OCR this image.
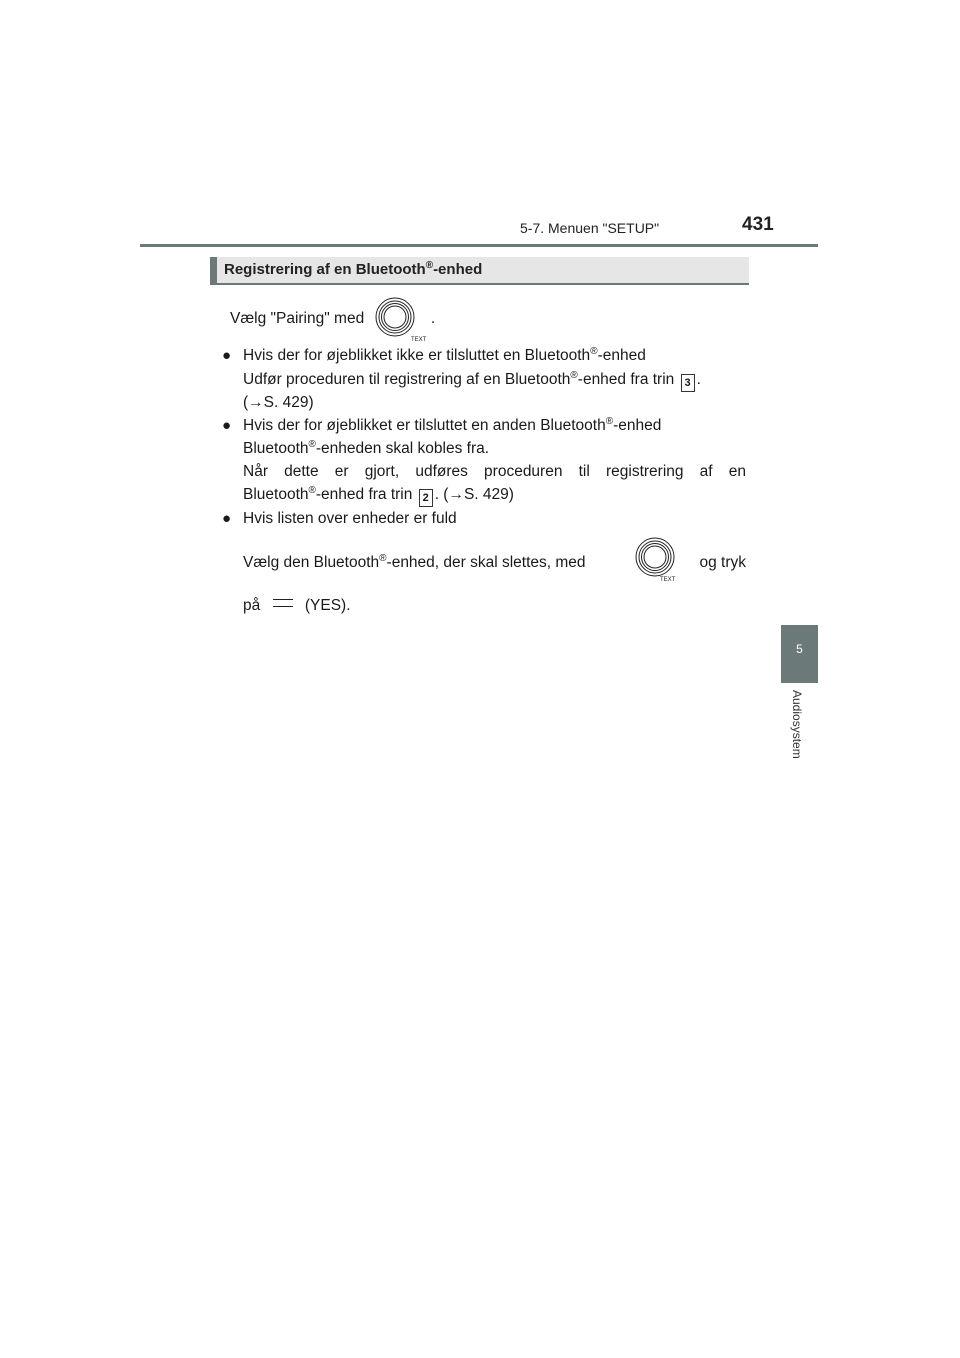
5-7. Menuen "SETUP"	431
5
Audiosystem
Registrering af en Bluetooth®-enhed
Vælg "Pairing" med
TEXT
.
● Hvis der for øjeblikket ikke er tilsluttet en Bluetooth®-enhed
Udfør proceduren til registrering af en Bluetooth®-enhed fra trin 3 .
(→S. 429)
● Hvis der for øjeblikket er tilsluttet en anden Bluetooth®-enhed
Bluetooth®-enheden skal kobles fra.
Når dette er gjort, udføres proceduren til registrering af en
Bluetooth®-enhed fra trin 2 . (→S. 429)
● Hvis listen over enheder er fuld
Vælg den Bluetooth®-enhed, der skal slettes, med
TEXT
og tryk
på	(YES).
